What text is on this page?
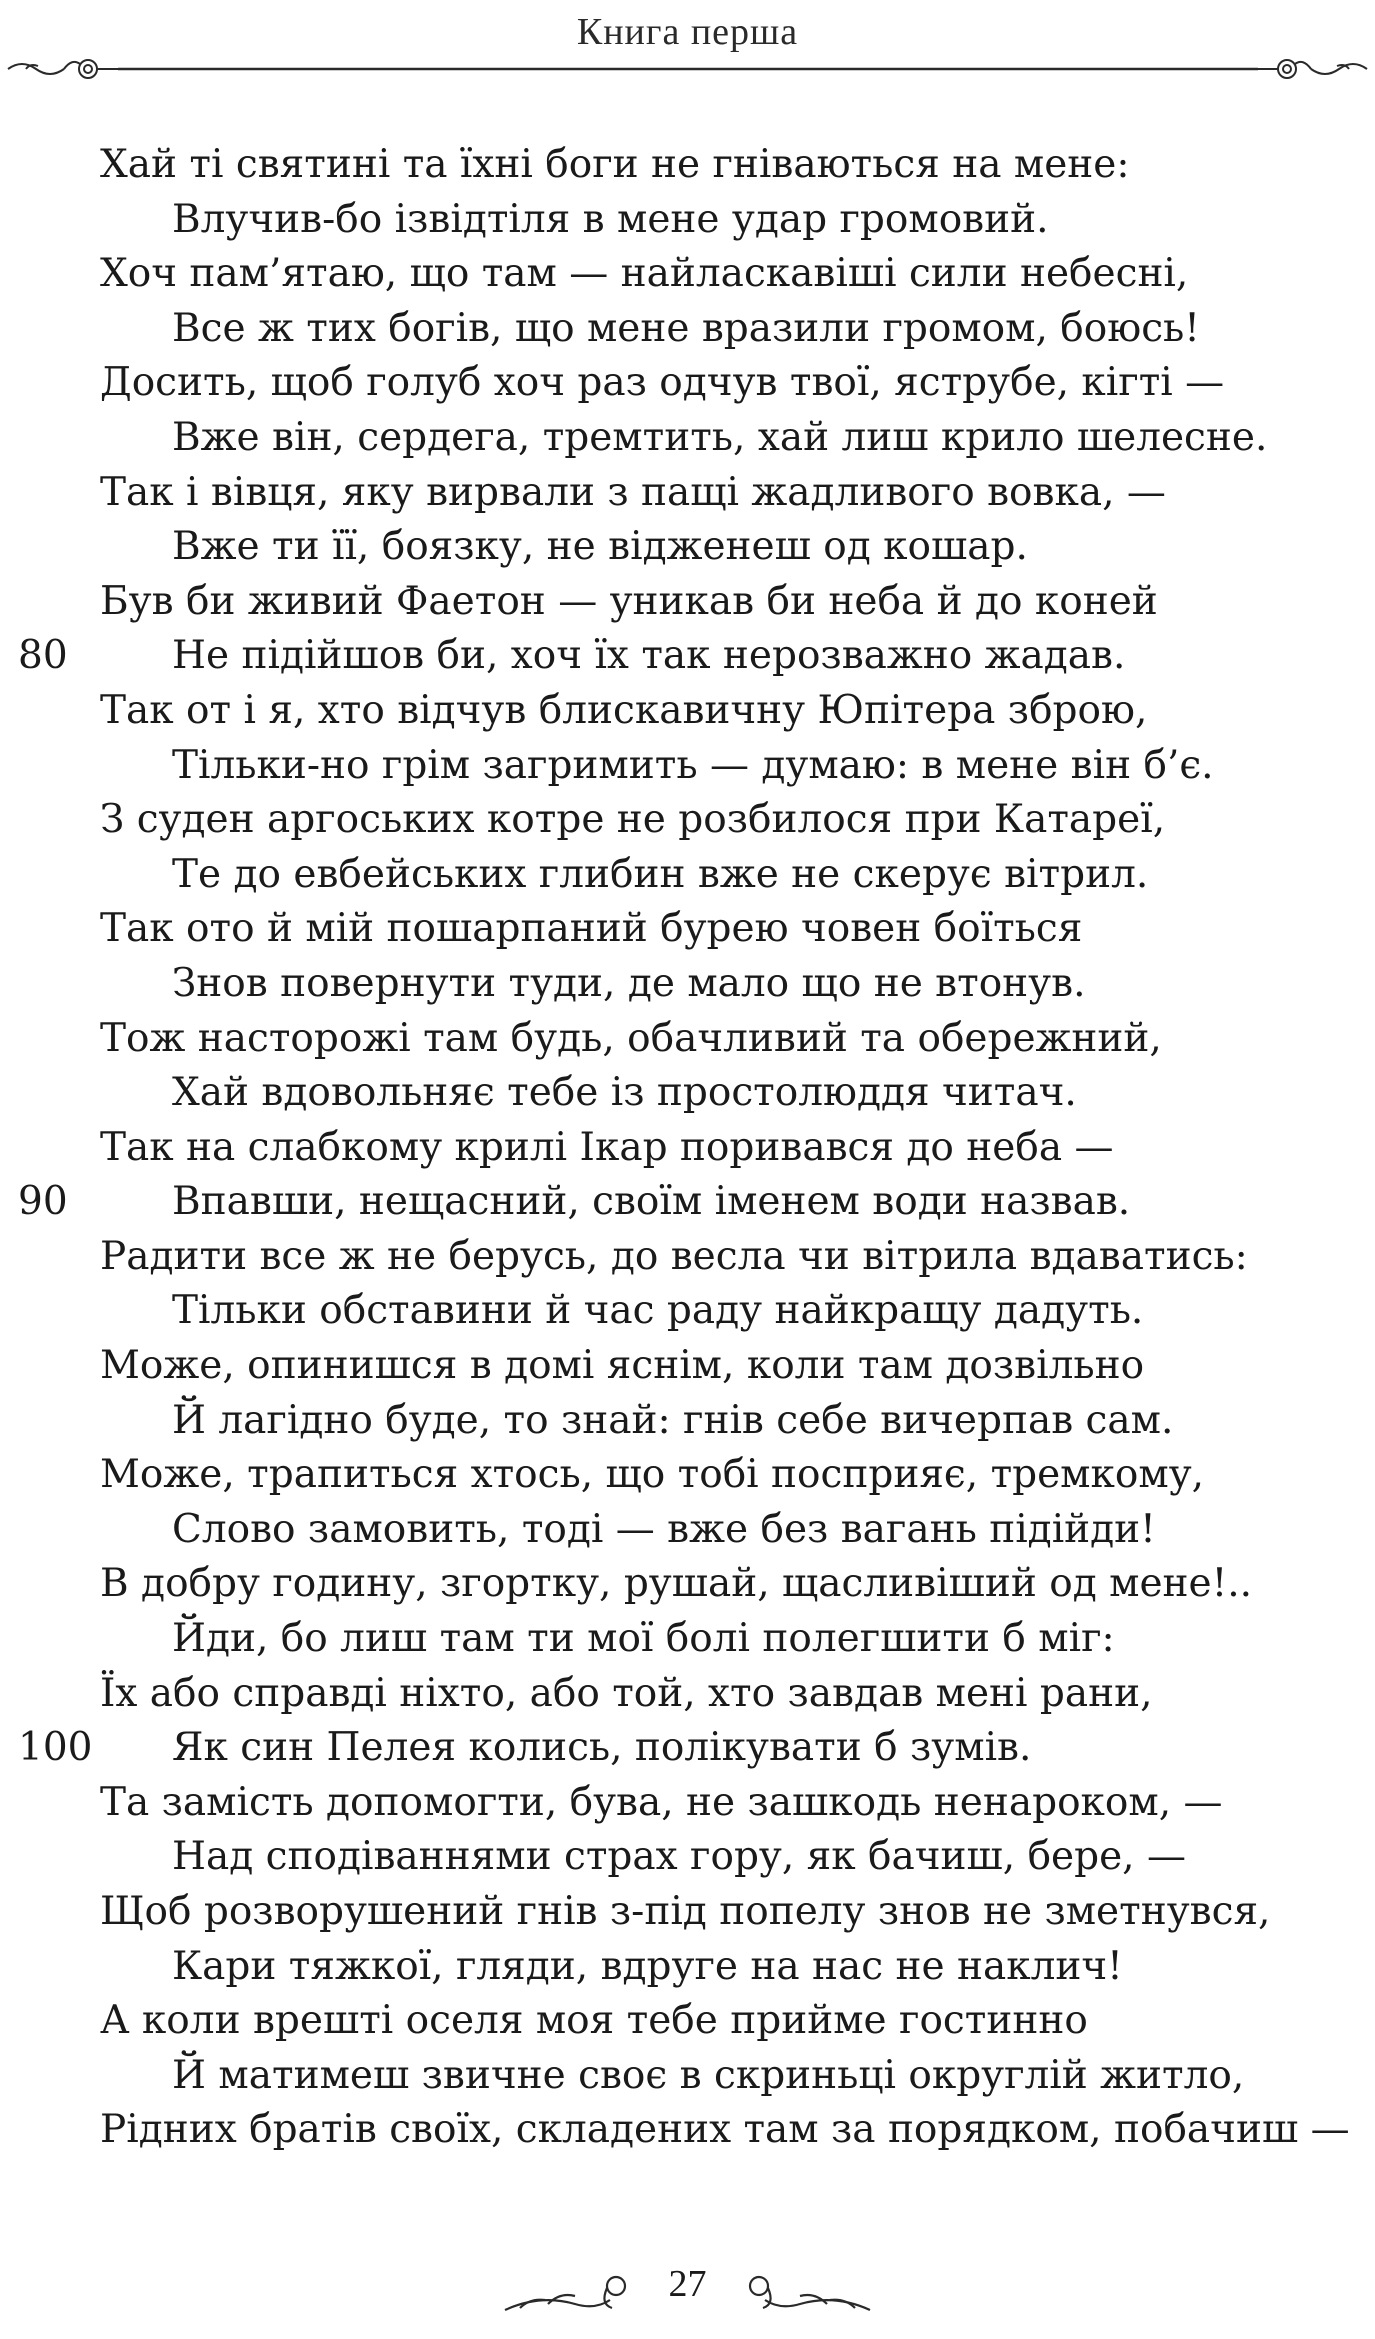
Книга перша
Хай ті святині та їхні боги не гніваються на мене:
Влучив-бо ізвідтіля в мене удар громовий.
Хоч пам’ятаю, що там — найласкавіші сили небесні,
Все ж тих богів, що мене вразили громом, боюсь!
Досить, щоб голуб хоч раз одчув твої, яструбе, кігті —
Вже він, сердега, тремтить, хай лиш крило шелесне.
Так і вівця, яку вирвали з пащі жадливого вовка, —
Вже ти її, боязку, не віджeнеш од кошар.
Був би живий Фаетон — уникав би неба й до коней
80	Не підійшов би, хоч їх так нерозважно жадав.
Так от і я, хто відчув блискавичну Юпітера зброю,
Тільки-но грім загримить — думаю: в мене він б’є.
З суден аргоських котре не розбилося при Катареї,
Те до евбейських глибин вже не скерує вітрил.
Так ото й мій пошарпаний бурею човен боїться
Знов повернути туди, де мало що не втонув.
Тож насторожі там будь, обачливий та обережний,
Хай вдовольняє тебе із простолюддя читач.
Так на слабкому крилі Ікар поривався до неба —
90	Впавши, нещасний, своїм іменем води назвав.
Радити все ж не берусь, до весла чи вітрила вдаватись:
Тільки обставини й час раду найкращу дадуть.
Може, опинишся в домі яснім, коли там дозвільно
Й лагідно буде, то знай: гнів себе вичерпав сам.
Може, трапиться хтось, що тобі посприяє, тремкому,
Слово замовить, тоді — вже без вагань підійди!
В добру годину, згортку, рушай, щасливіший од мене!..
Йди, бо лиш там ти мої болі полегшити б міг:
Їх або справді ніхто, або той, хто завдав мені рани,
100 Як син Пелея колись, полікувати б зумів.
Та замість допомогти, бува, не зашкодь ненароком, —
Над сподіваннями страх гору, як бачиш, бере, —
Щоб розворушений гнів з-під попелу знов не зметнувся,
Кари тяжкої, гляди, вдруге на нас не наклич!
А коли врешті оселя моя тебе прийме гостинно
Й матимеш звичне своє в скриньці округлій житло,
Рідних братів своїх, складених там за порядком, побачиш —
27
